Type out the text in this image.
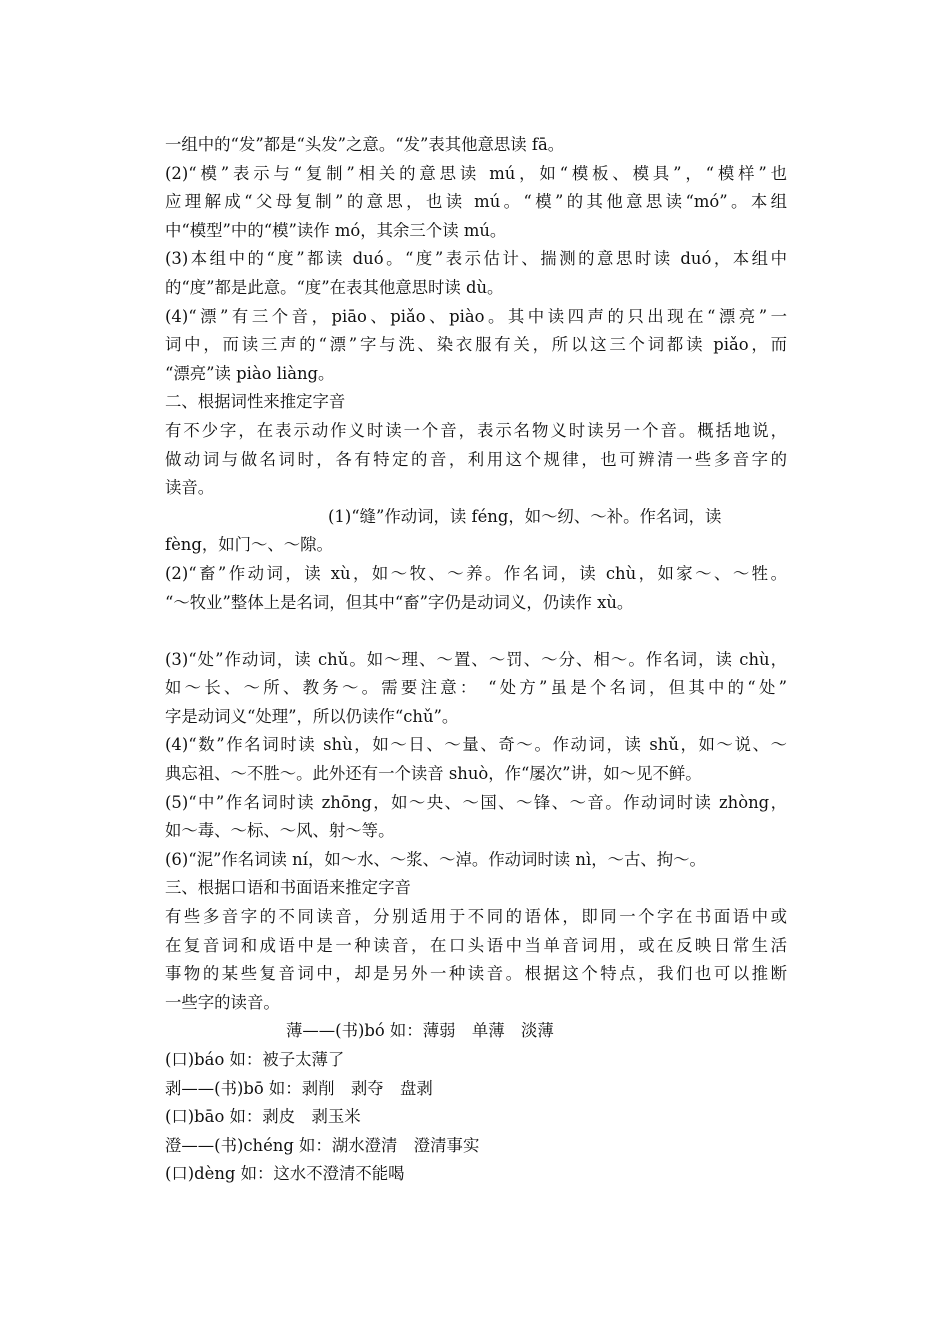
一组中的“发”都是“头发”之意。“发”表其他意思读 fā。
(2)“模”表示与“复制”相关的意思读 mú，如“模板、模具”，“模样”也
应理解成“父母复制”的意思，也读 mú。“模”的其他意思读“mó”。本组
中“模型”中的“模”读作 mó，其余三个读 mú。
(3)本组中的“度”都读 duó。“度”表示估计、揣测的意思时读 duó，本组中
的“度”都是此意。“度”在表其他意思时读 dù。
(4)“漂”有三个音，piāo、piǎo、piào。其中读四声的只出现在“漂亮”一
词中，而读三声的“漂”字与洗、染衣服有关，所以这三个词都读 piǎo，而
“漂亮”读 piào liàng。
二、根据词性来推定字音
有不少字，在表示动作义时读一个音，表示名物义时读另一个音。概括地说，
做动词与做名词时，各有特定的音，利用这个规律，也可辨清一些多音字的
读音。
(1)“缝”作动词，读 féng，如～纫、～补。作名词，读
fèng，如门～、～隙。
(2)“畜”作动词，读 xù，如～牧、～养。作名词，读 chù，如家～、～牲。
“～牧业”整体上是名词，但其中“畜”字仍是动词义，仍读作 xù。
(3)“处”作动词，读 chǔ。如～理、～置、～罚、～分、相～。作名词，读 chù，
如～长、～所、教务～。需要注意： “处方”虽是个名词，但其中的“处”
字是动词义“处理”，所以仍读作“chǔ”。
(4)“数”作名词时读 shù，如～日、～量、奇～。作动词，读 shǔ，如～说、～
典忘祖、～不胜～。此外还有一个读音 shuò，作“屡次”讲，如～见不鲜。
(5)“中”作名词时读 zhōng，如～央、～国、～锋、～音。作动词时读 zhòng，
如～毒、～标、～风、射～等。
(6)“泥”作名词读 ní，如～水、～浆、～淖。作动词时读 nì，～古、拘～。
三、根据口语和书面语来推定字音
有些多音字的不同读音，分别适用于不同的语体，即同一个字在书面语中或
在复音词和成语中是一种读音，在口头语中当单音词用，或在反映日常生活
事物的某些复音词中，却是另外一种读音。根据这个特点，我们也可以推断
一些字的读音。
薄——(书)bó 如：薄弱　单薄　淡薄
(口)báo 如：被子太薄了
剥——(书)bō 如：剥削　剥夺　盘剥
(口)bāo 如：剥皮　剥玉米
澄——(书)chéng 如：湖水澄清　澄清事实
(口)dèng 如：这水不澄清不能喝
